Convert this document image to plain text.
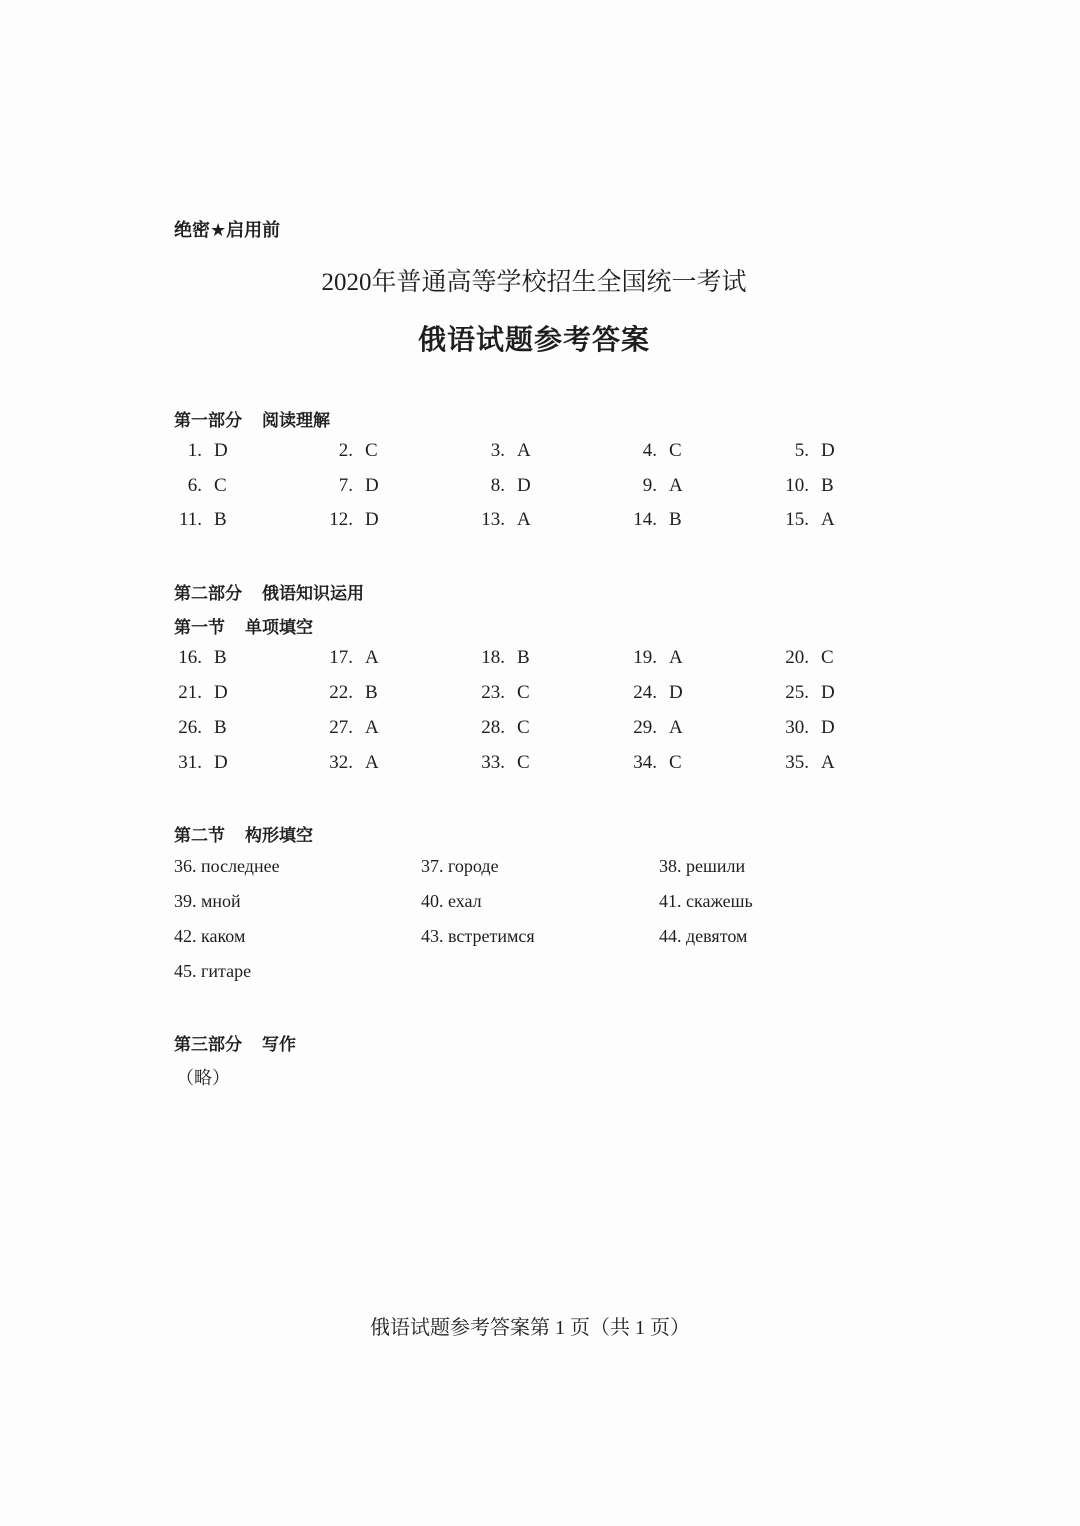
绝密★启用前
2020年普通高等学校招生全国统一考试
俄语试题参考答案
第一部分 阅读理解
1. D	2. C	3. A	4. C	5. D
6. C	7. D	8. D	9. A	10. B
11. B	12. D	13. A	14. B	15. A
第二部分 俄语知识运用
第一节 单项填空
16. B	17. A	18. B	19. A	20. C
21. D	22. B	23. C	24. D	25. D
26. B	27. A	28. C	29. A	30. D
31. D	32. A	33. C	34. C	35. A
第二节 构形填空
36. последнее	37. городе	38. решили
39. мной	40. ехал	41. скажешь
42. каком	43. встретимся	44. девятом
45. гитаре
第三部分 写作
（略）
俄语试题参考答案第 1 页（共 1 页）
